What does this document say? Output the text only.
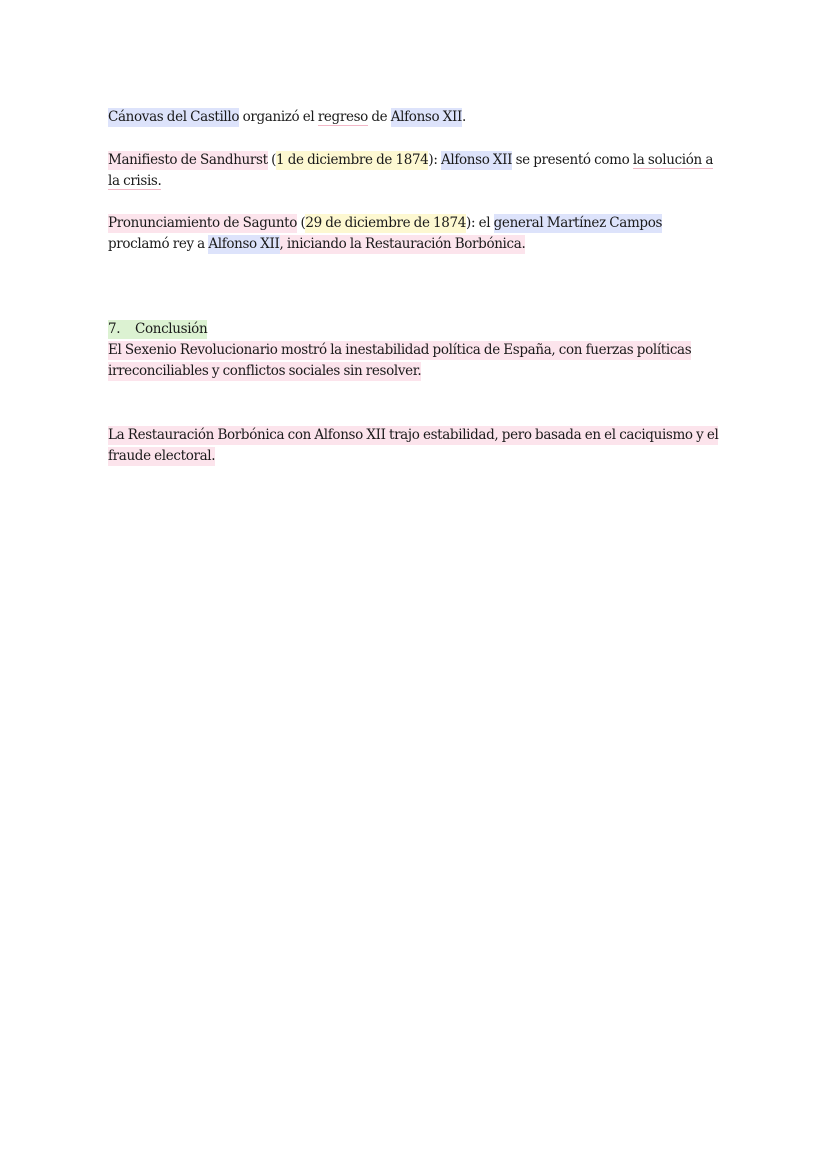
Cánovas del Castillo organizó el regreso de Alfonso XII.

Manifiesto de Sandhurst (1 de diciembre de 1874): Alfonso XII se presentó como la solución a la crisis.

Pronunciamiento de Sagunto (29 de diciembre de 1874): el general Martínez Campos proclamó rey a Alfonso XII, iniciando la Restauración Borbónica.

7. Conclusión

El Sexenio Revolucionario mostró la inestabilidad política de España, con fuerzas políticas irreconciliables y conflictos sociales sin resolver.

La Restauración Borbónica con Alfonso XII trajo estabilidad, pero basada en el caciquismo y el fraude electoral.
